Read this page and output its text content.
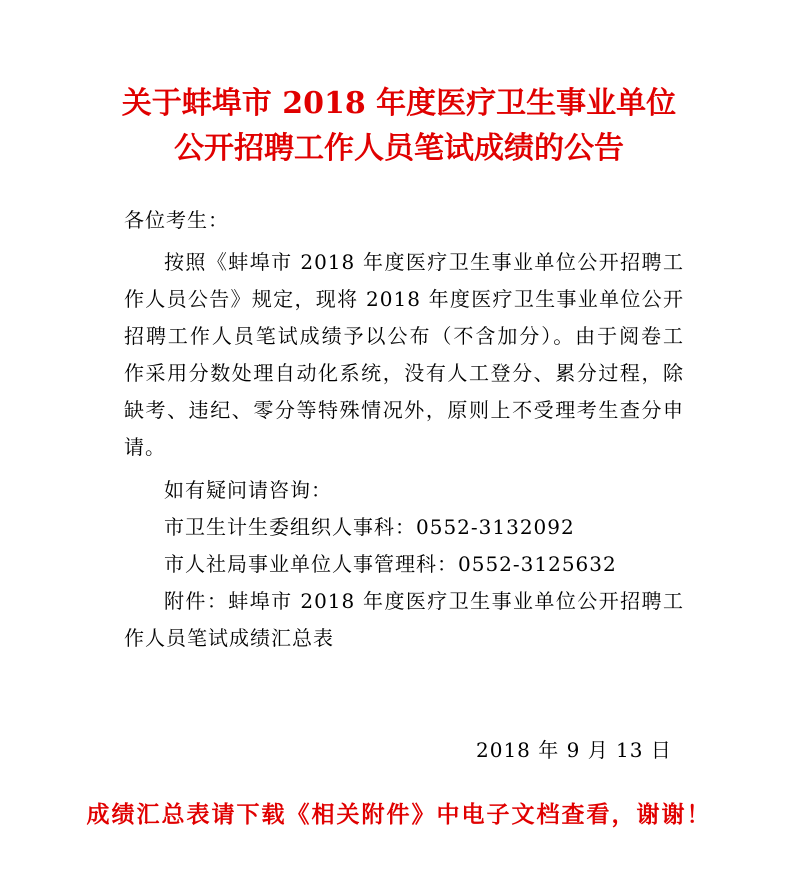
关于蚌埠市 2018 年度医疗卫生事业单位
公开招聘工作人员笔试成绩的公告
各位考生：
按照《蚌埠市 2018 年度医疗卫生事业单位公开招聘工
作人员公告》规定，现将 2018 年度医疗卫生事业单位公开
招聘工作人员笔试成绩予以公布（不含加分）。由于阅卷工
作采用分数处理自动化系统，没有人工登分、累分过程，除
缺考、违纪、零分等特殊情况外，原则上不受理考生查分申
请。
如有疑问请咨询：
市卫生计生委组织人事科：0552-3132092
市人社局事业单位人事管理科：0552-3125632
附件：蚌埠市 2018 年度医疗卫生事业单位公开招聘工
作人员笔试成绩汇总表
2018 年 9 月 13 日
成绩汇总表请下载《相关附件》中电子文档查看，谢谢！
